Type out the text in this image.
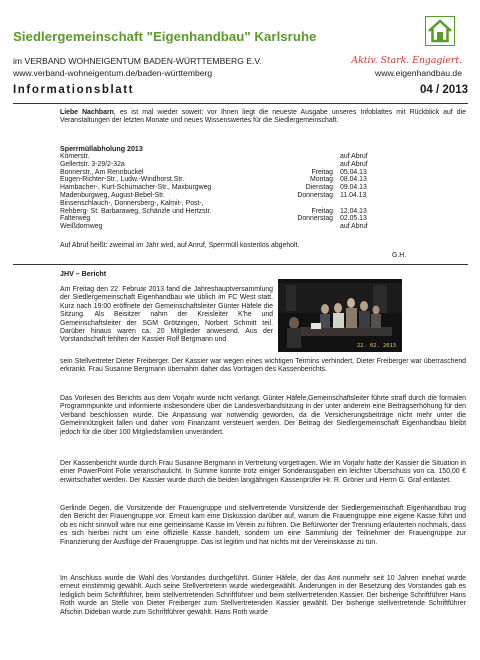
Siedlergemeinschaft "Eigenhandbau" Karlsruhe
im VERBAND WOHNEIGENTUM BADEN-WÜRTTEMBERG E.V.
www.verband-wohneigentum.de/baden-württemberg
Aktiv. Stark. Engagiert.
www.eigenhandbau.de
Informationsblatt	04 / 2013
Liebe Nachbarn, es ist mal wieder soweit: vor Ihnen liegt die neueste Ausgabe unseres Infoblattes mit Rückblick auf die Veranstaltungen der letzten Monate und neues Wissenswertes für die Siedlergemeinschaft.
Sperrmüllabholung 2013
Kömerstr.	auf Abruf
Gellertstr. 3-29/2-32a	auf Abruf
Bonnerstr., Am Rennbuckel	Freitag 05.04.13
Eugen-Richter-Str., Ludw.-Windhorst.Str.	Montag 08.04.13
Hambacher-, Kurt-Schumacher-Str., Maxburgweg	Dienstag 09.04.13
Madenburgweg, August-Bebel-Str.	Donnerstag 11.04.13
Binsenschlauch-, Donnersberg-, Kalmit-, Post-,
Rehberg- St. Barbaraweg, Schänzle und Hertzstr.	Freitag 12.04.13
Falterweg	Donnerstag 02.05.13
Weißdornweg	auf Abruf
Auf Abruf heißt: zweimal im Jahr wird, auf Anruf, Sperrmüll kostenlos abgeholt.
G.H.
JHV – Bericht
Am Freitag den 22. Februar 2013 fand die Jahreshauptversammlung der Siedlergemeinschaft Eigenhandbau wie üblich im FC West statt. Kurz nach 19:00 eröffnete der Gemeinschaftsleiter Günter Häfele die Sitzung. Als Beisitzer nahm der Kreisleiter K'he und Gemeinschaftsleiter der SGM Grötzingen, Norbert Schmitt teil. Darüber hinaus waren ca. 20 Mitglieder anwesend. Aus der Vorstandschaft fehlten der Kassier Rolf Bergmann und
22. 02. 2013
sein Stellvertreter Dieter Freiberger. Der Kassier war wegen eines wichtigen Termins verhindert, Dieter Freiberger war überraschend erkrankt. Frau Susanne Bergmann übernahm daher das Vortragen des Kassenberichts.
Das Vorlesen des Berichts aus dem Vorjahr wurde nicht verlangt. Günter Häfele,Gemeinschaftsleiter führte straff durch die formalen Programmpunkte und informierte insbesondere über die Landesverbandsitzung in der unter anderem eine Beitragserhöhung für den Verband beschlossen wurde. Die Anpassung war notwendig geworden, da die Versicherungsbeiträge nicht mehr unter die Gemeinnützigkeit fallen und daher vom Finanzamt versteuert werden. Der Beitrag der Siedlergemeinschaft Eigenhandbau bleibt jedoch für die über 100 Mitgliedsfamilien unverändert.
Der Kassenbericht wurde durch Frau Susanne Bergmann in Vertretung vorgetragen. Wie im Vorjahr hatte der Kassier die Situation in einer PowerPoint Folie veranschaulicht. In Summe konnte trotz einiger Sonderausgaben ein leichter Überschuss von ca. 150,00 € erwirtschaftet werden. Der Kassier wurde durch die beiden langjährigen Kassenprüfer Hr. R. Gröner und Herrn G. Graf entlastet.
Gerlinde Degen, die Vorsitzende der Frauengruppe und stellvertretende Vorsitzende der Siedlergemeinschaft Eigenhandbau trug den Bericht der Frauengruppe vor. Erneut kam eine Diskussion darüber auf, warum die Frauengruppe eine eigene Kasse führt und ob es nicht sinnvoll wäre nur eine gemeinsame Kasse im Verein zu führen. Die Befürworter der Trennung erläuterten nochmals, dass es sich hierbei nicht um eine offizielle Kasse handelt, sondern um eine Sammlung der Teilnehmer der Frauengruppe zur Finanzierung der Ausflüge der Frauengruppe. Das ist legitim und hat nichts mit der Vereinskasse zu tun.
Im Anschluss wurde die Wahl des Vorstandes durchgeführt. Günter Häfele, der das Amt nunmehr seit 10 Jahren innehat wurde erneut einstimmig gewählt. Auch seine Stellvertreterin wurde wiedergewählt. Änderungen in der Besetzung des Vorstandes gab es lediglich beim Schriftführer, beim stellvertretenden Schriftführer und beim stellvertretenden Kassier. Der bisherige Schriftführer Hans Roth wurde an Stelle von Dieter Freiberger zum Stellvertretenden Kassier gewählt. Der bisherige stellvertretende Schriftführer Afschin Dideban wurde zum Schriftführer gewählt. Hans Roth wurde
